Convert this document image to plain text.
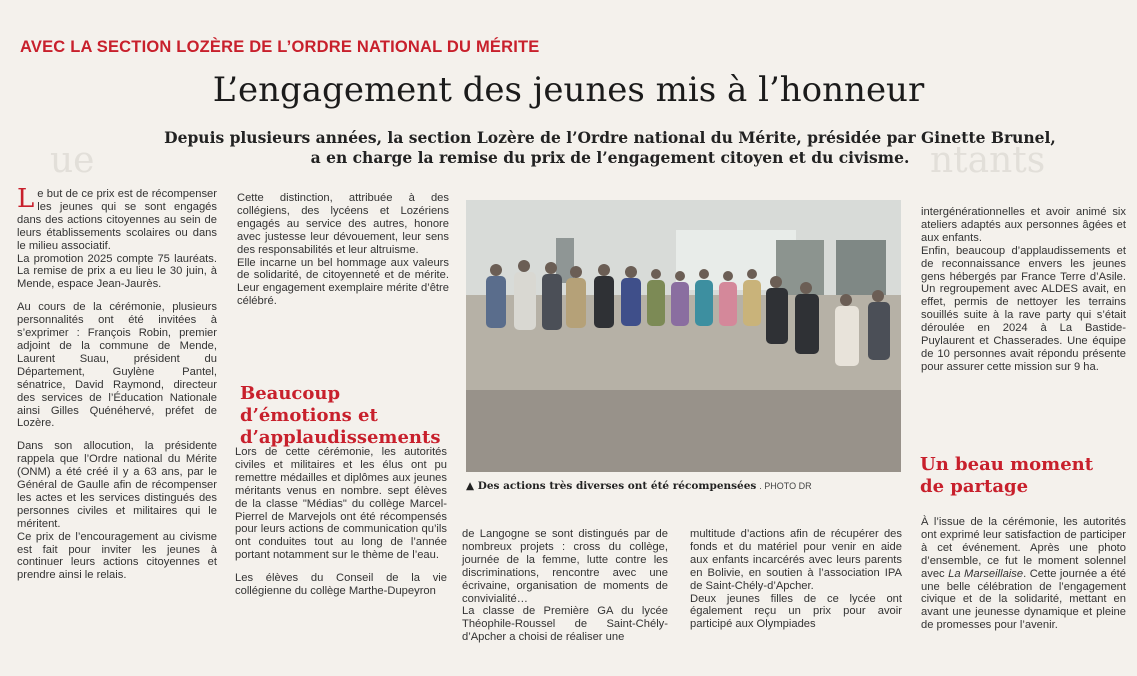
ue	ntants
AVEC LA SECTION LOZÈRE DE L’ORDRE NATIONAL DU MÉRITE
L’engagement des jeunes mis à l’honneur
Depuis plusieurs années, la section Lozère de l’Ordre national du Mérite, présidée par Ginette Brunel,
a en charge la remise du prix de l’engagement citoyen et du civisme.

Le but de ce prix est de récompenser les jeunes qui se sont engagés dans des actions citoyennes au sein de leurs établissements scolaires ou dans le milieu associatif.

La promotion 2025 compte 75 lauréats. La remise de prix a eu lieu le 30 juin, à Mende, espace Jean-Jaurès.

Au cours de la cérémonie, plusieurs personnalités ont été invitées à s’exprimer : François Robin, premier adjoint de la commune de Mende, Laurent Suau, président du Département, Guylène Pantel, sénatrice, David Raymond, directeur des services de l’Éducation Nationale ainsi Gilles Quénéhervé, préfet de Lozère.

Dans son allocution, la présidente rappela que l’Ordre national du Mérite (ONM) a été créé il y a 63 ans, par le Général de Gaulle afin de récompenser les actes et les services distingués des personnes civiles et militaires qui le méritent.

Ce prix de l’encouragement au civisme est fait pour inviter les jeunes à continuer leurs actions citoyennes et prendre ainsi le relais.

Cette distinction, attribuée à des collégiens, des lycéens et Lozériens engagés au service des autres, honore avec justesse leur dévouement, leur sens des responsabilités et leur altruisme.

Elle incarne un bel hommage aux valeurs de solidarité, de citoyenneté et de mérite. Leur engagement exemplaire mérite d’être célébré.

Beaucoup d’émotions et d’applaudissements

Lors de cette cérémonie, les autorités civiles et militaires et les élus ont pu remettre médailles et diplômes aux jeunes méritants venus en nombre. sept élèves de la classe "Médias" du collège Marcel-Pierrel de Marvejols ont été récompensés pour leurs actions de communication qu’ils ont conduites tout au long de l’année portant notamment sur le thème de l’eau.

Les élèves du Conseil de la vie collégienne du collège Marthe-Dupeyron

▲ Des actions très diverses ont été récompensées . PHOTO DR

de Langogne se sont distingués par de nombreux projets : cross du collège, journée de la femme, lutte contre les discriminations, rencontre avec une écrivaine, organisation de moments de convivialité…

La classe de Première GA du lycée Théophile-Roussel de Saint-Chély-d’Apcher a choisi de réaliser une

multitude d’actions afin de récupérer des fonds et du matériel pour venir en aide aux enfants incarcérés avec leurs parents en Bolivie, en soutien à l’association IPA de Saint-Chély-d’Apcher.

Deux jeunes filles de ce lycée ont également reçu un prix pour avoir participé aux Olympiades

intergénérationnelles et avoir animé six ateliers adaptés aux personnes âgées et aux enfants.

Enfin, beaucoup d’applaudissements et de reconnaissance envers les jeunes gens hébergés par France Terre d’Asile. Un regroupement avec ALDES avait, en effet, permis de nettoyer les terrains souillés suite à la rave party qui s’était déroulée en 2024 à La Bastide-Puylaurent et Chasserades. Une équipe de 10 personnes avait répondu présente pour assurer cette mission sur 9 ha.

Un beau moment de partage

À l’issue de la cérémonie, les autorités ont exprimé leur satisfaction de participer à cet événement. Après une photo d’ensemble, ce fut le moment solennel avec La Marseillaise. Cette journée a été une belle célébration de l’engagement civique et de la solidarité, mettant en avant une jeunesse dynamique et pleine de promesses pour l’avenir.
